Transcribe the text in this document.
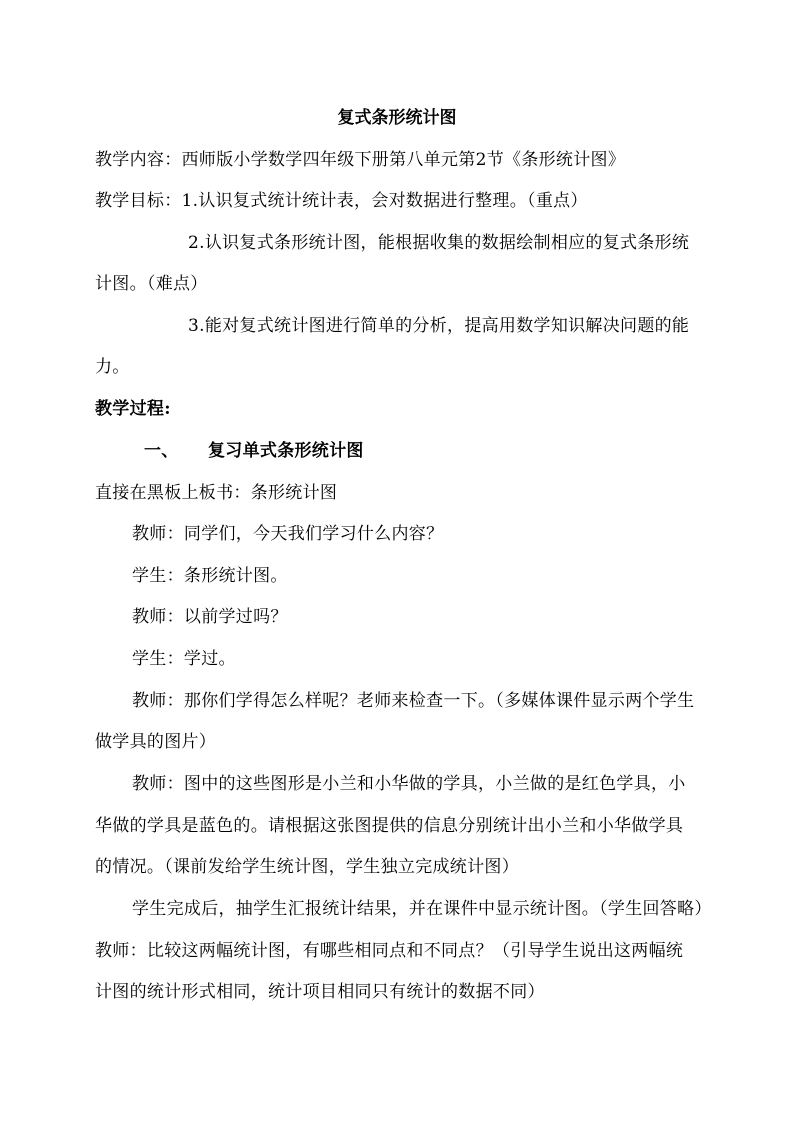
复式条形统计图
教学内容：西师版小学数学四年级下册第八单元第2节《条形统计图》
教学目标：1.认识复式统计统计表，会对数据进行整理。（重点）
2.认识复式条形统计图，能根据收集的数据绘制相应的复式条形统
计图。（难点）
3.能对复式统计图进行简单的分析，提高用数学知识解决问题的能
力。
教学过程:
一、 复习单式条形统计图
直接在黑板上板书：条形统计图
教师：同学们，今天我们学习什么内容？
学生：条形统计图。
教师：以前学过吗？
学生：学过。
教师：那你们学得怎么样呢？老师来检查一下。（多媒体课件显示两个学生
做学具的图片）
教师：图中的这些图形是小兰和小华做的学具，小兰做的是红色学具，小
华做的学具是蓝色的。请根据这张图提供的信息分别统计出小兰和小华做学具
的情况。（课前发给学生统计图，学生独立完成统计图）
学生完成后，抽学生汇报统计结果，并在课件中显示统计图。（学生回答略）
教师：比较这两幅统计图，有哪些相同点和不同点？（引导学生说出这两幅统
计图的统计形式相同，统计项目相同只有统计的数据不同）
